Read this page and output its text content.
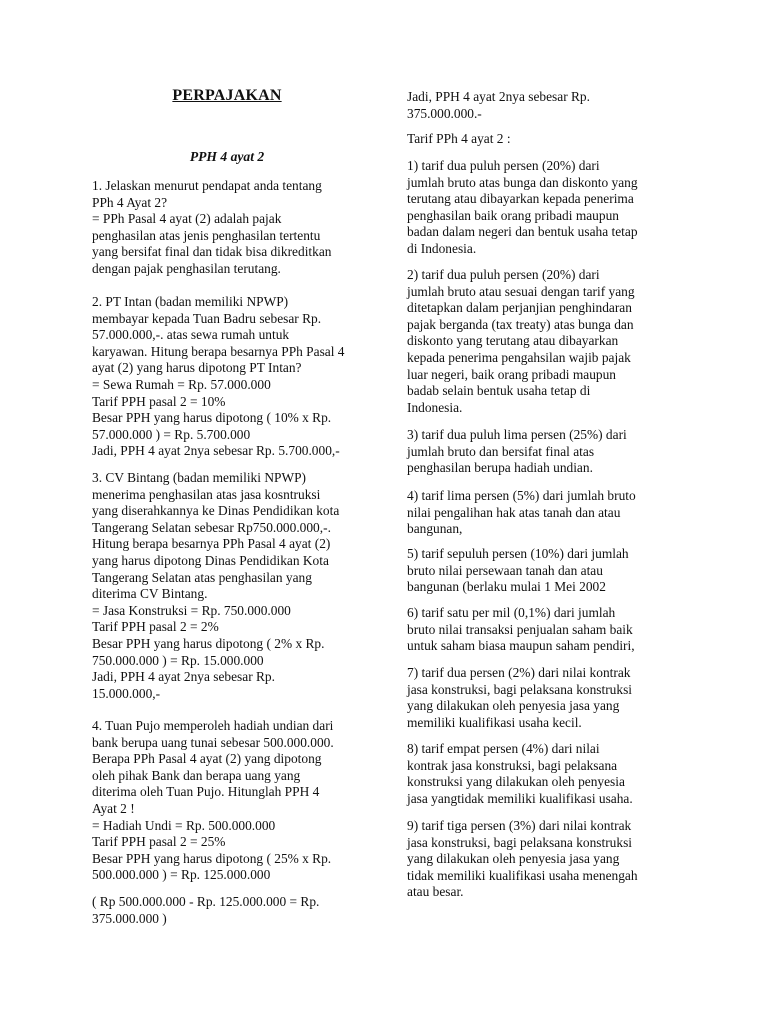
PERPAJAKAN
PPH 4 ayat 2
1. Jelaskan menurut pendapat anda tentang
PPh 4 Ayat 2?
= PPh Pasal 4 ayat (2) adalah pajak
penghasilan atas jenis penghasilan tertentu
yang bersifat final dan tidak bisa dikreditkan
dengan pajak penghasilan terutang.
2. PT Intan (badan memiliki NPWP)
membayar kepada Tuan Badru sebesar Rp.
57.000.000,-. atas sewa rumah untuk
karyawan. Hitung berapa besarnya PPh Pasal 4
ayat (2) yang harus dipotong PT Intan?
= Sewa Rumah = Rp. 57.000.000
Tarif PPH pasal 2 = 10%
Besar PPH yang harus dipotong ( 10% x Rp.
57.000.000 ) = Rp. 5.700.000
Jadi, PPH 4 ayat 2nya sebesar Rp. 5.700.000,-
3. CV Bintang (badan memiliki NPWP)
menerima penghasilan atas jasa kosntruksi
yang diserahkannya ke Dinas Pendidikan kota
Tangerang Selatan sebesar Rp750.000.000,-.
Hitung berapa besarnya PPh Pasal 4 ayat (2)
yang harus dipotong Dinas Pendidikan Kota
Tangerang Selatan atas penghasilan yang
diterima CV Bintang.
= Jasa Konstruksi = Rp. 750.000.000
Tarif PPH pasal 2 = 2%
Besar PPH yang harus dipotong ( 2% x Rp.
750.000.000 ) = Rp. 15.000.000
Jadi, PPH 4 ayat 2nya sebesar Rp.
15.000.000,-
4. Tuan Pujo memperoleh hadiah undian dari
bank berupa uang tunai sebesar 500.000.000.
Berapa PPh Pasal 4 ayat (2) yang dipotong
oleh pihak Bank dan berapa uang yang
diterima oleh Tuan Pujo. Hitunglah PPH 4
Ayat 2 !
= Hadiah Undi = Rp. 500.000.000
Tarif PPH pasal 2 = 25%
Besar PPH yang harus dipotong ( 25% x Rp.
500.000.000 ) = Rp. 125.000.000
( Rp 500.000.000 - Rp. 125.000.000 = Rp.
375.000.000 )
Jadi, PPH 4 ayat 2nya sebesar Rp.
375.000.000.-
Tarif PPh 4 ayat 2 :
1) tarif dua puluh persen (20%) dari
jumlah bruto atas bunga dan diskonto yang
terutang atau dibayarkan kepada penerima
penghasilan baik orang pribadi maupun
badan dalam negeri dan bentuk usaha tetap
di Indonesia.
2) tarif dua puluh persen (20%) dari
jumlah bruto atau sesuai dengan tarif yang
ditetapkan dalam perjanjian penghindaran
pajak berganda (tax treaty) atas bunga dan
diskonto yang terutang atau dibayarkan
kepada penerima pengahsilan wajib pajak
luar negeri, baik orang pribadi maupun
badab selain bentuk usaha tetap di
Indonesia.
3) tarif dua puluh lima persen (25%) dari
jumlah bruto dan bersifat final atas
penghasilan berupa hadiah undian.
4) tarif lima persen (5%) dari jumlah bruto
nilai pengalihan hak atas tanah dan atau
bangunan,
5) tarif sepuluh persen (10%) dari jumlah
bruto nilai persewaan tanah dan atau
bangunan (berlaku mulai 1 Mei 2002
6) tarif satu per mil (0,1%) dari jumlah
bruto nilai transaksi penjualan saham baik
untuk saham biasa maupun saham pendiri,
7) tarif dua persen (2%) dari nilai kontrak
jasa konstruksi, bagi pelaksana konstruksi
yang dilakukan oleh penyesia jasa yang
memiliki kualifikasi usaha kecil.
8) tarif empat persen (4%) dari nilai
kontrak jasa konstruksi, bagi pelaksana
konstruksi yang dilakukan oleh penyesia
jasa yangtidak memiliki kualifikasi usaha.
9) tarif tiga persen (3%) dari nilai kontrak
jasa konstruksi, bagi pelaksana konstruksi
yang dilakukan oleh penyesia jasa yang
tidak memiliki kualifikasi usaha menengah
atau besar.
